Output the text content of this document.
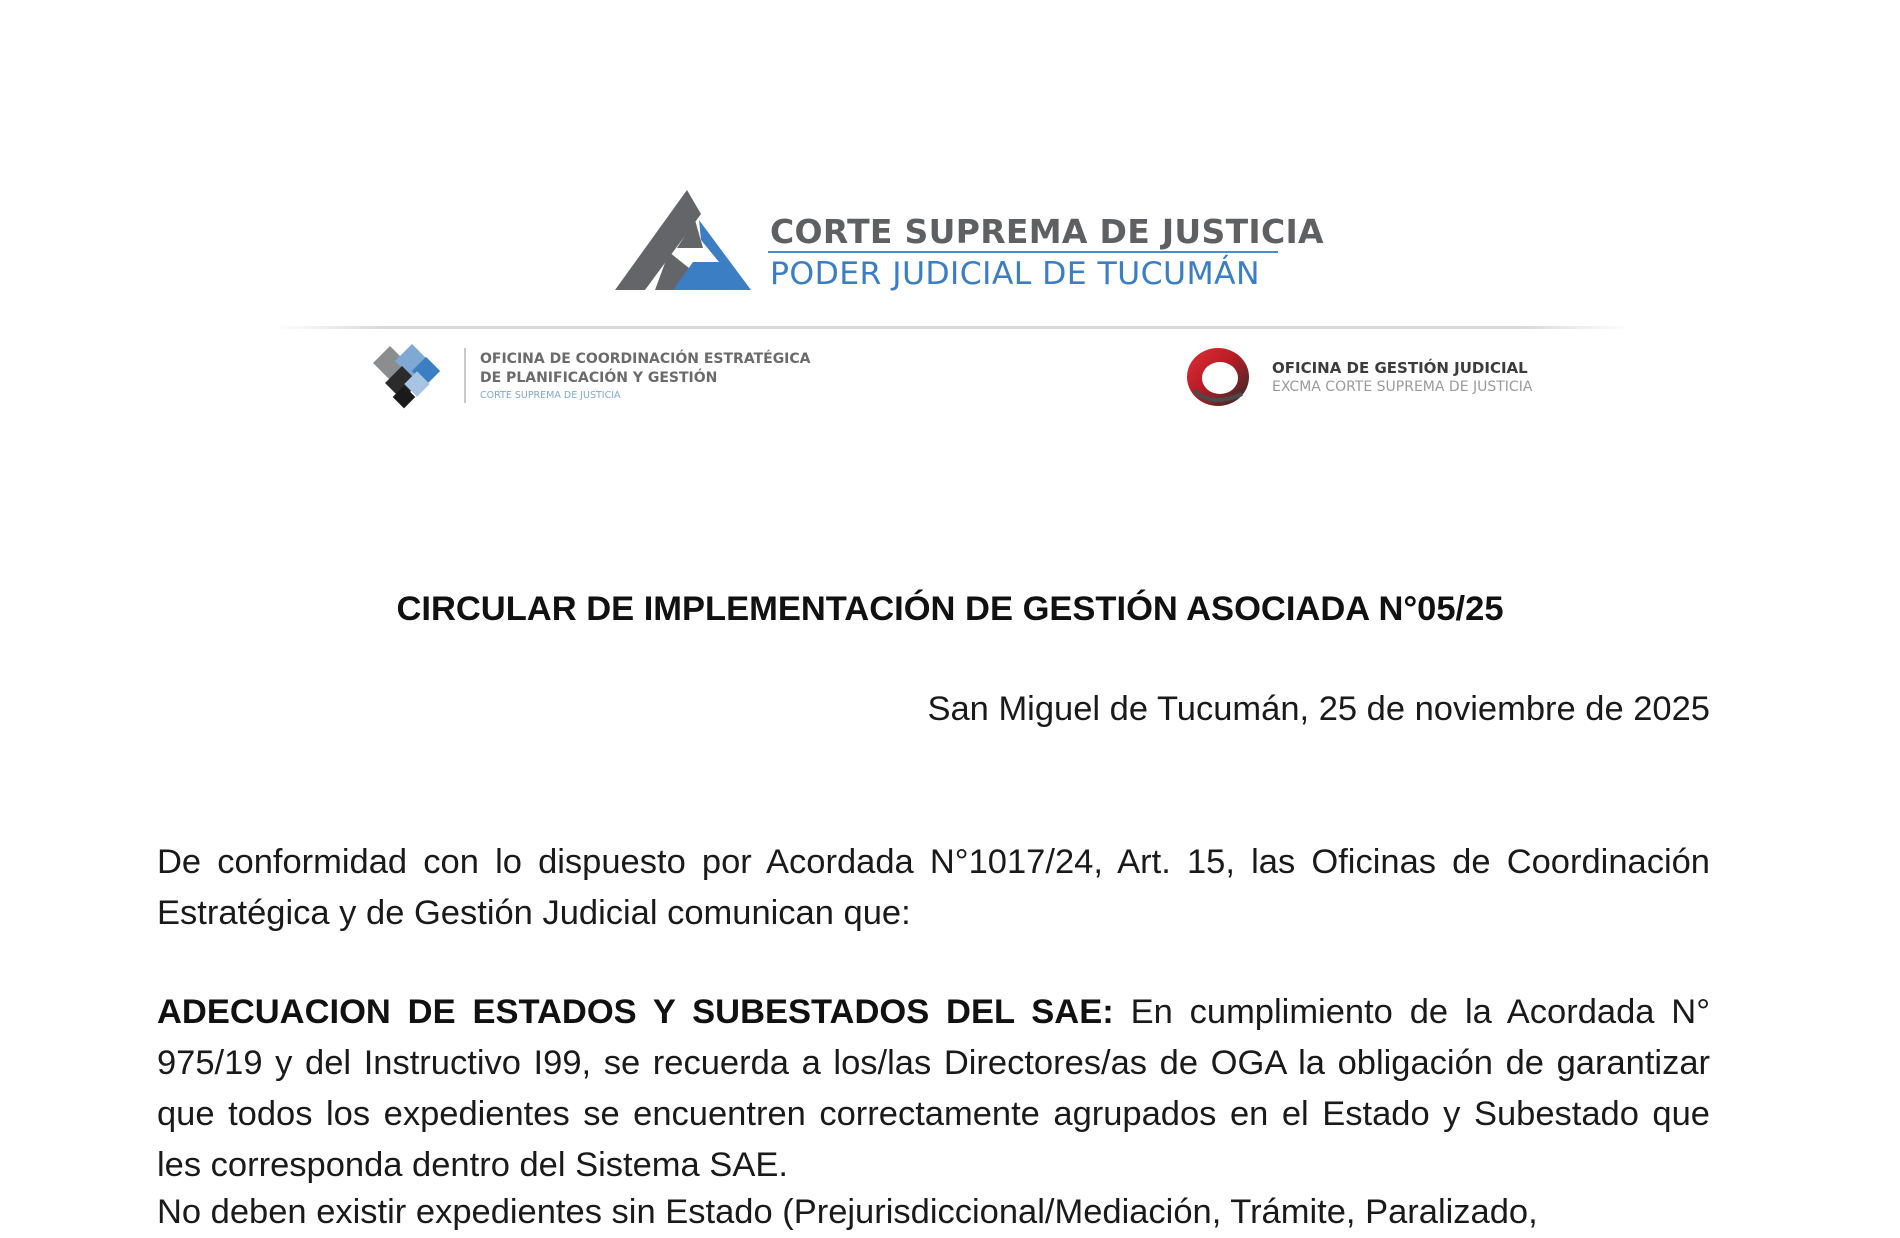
CORTE SUPREMA DE JUSTICIA
PODER JUDICIAL DE TUCUMÁN
OFICINA DE COORDINACIÓN ESTRATÉGICA
DE PLANIFICACIÓN Y GESTIÓN
CORTE SUPREMA DE JUSTICIA
OFICINA DE GESTIÓN JUDICIAL
EXCMA CORTE SUPREMA DE JUSTICIA
CIRCULAR DE IMPLEMENTACIÓN DE GESTIÓN ASOCIADA N°05/25
San Miguel de Tucumán, 25 de noviembre de 2025
De conformidad con lo dispuesto por Acordada N°1017/24, Art. 15, las Oficinas de Coordinación Estratégica y de Gestión Judicial comunican que:
ADECUACION DE ESTADOS Y SUBESTADOS DEL SAE: En cumplimiento de la Acordada N° 975/19 y del Instructivo I99, se recuerda a los/las Directores/as de OGA la obligación de garantizar que todos los expedientes se encuentren correctamente agrupados en el Estado y Subestado que les corresponda dentro del Sistema SAE.
No deben existir expedientes sin Estado (Prejurisdiccional/Mediación, Trámite, Paralizado,
